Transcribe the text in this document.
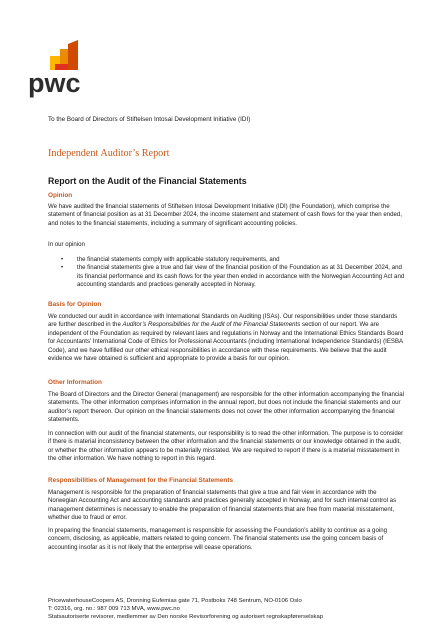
pwc
To the Board of Directors of Stiftelsen Intosai Development Initiative (IDI)
Independent Auditor’s Report
Report on the Audit of the Financial Statements
Opinion

We have audited the financial statements of Stiftelsen Intosai Development Initiative (IDI) (the Foundation), which comprise the statement of financial position as at 31 December 2024, the income statement and statement of cash flows for the year then ended, and notes to the financial statements, including a summary of significant accounting policies.

In our opinion

• the financial statements comply with applicable statutory requirements, and
• the financial statements give a true and fair view of the financial position of the Foundation as at 31 December 2024, and its financial performance and its cash flows for the year then ended in accordance with the Norwegian Accounting Act and accounting standards and practices generally accepted in Norway.
Basis for Opinion

We conducted our audit in accordance with International Standards on Auditing (ISAs). Our responsibilities under those standards are further described in the Auditor’s Responsibilities for the Audit of the Financial Statements section of our report. We are independent of the Foundation as required by relevant laws and regulations in Norway and the International Ethics Standards Board for Accountants’ International Code of Ethics for Professional Accountants (including International Independence Standards) (IESBA Code), and we have fulfilled our other ethical responsibilities in accordance with these requirements. We believe that the audit evidence we have obtained is sufficient and appropriate to provide a basis for our opinion.

Other Information

The Board of Directors and the Director General (management) are responsible for the other information accompanying the financial statements. The other information comprises information in the annual report, but does not include the financial statements and our auditor’s report thereon. Our opinion on the financial statements does not cover the other information accompanying the financial statements.

In connection with our audit of the financial statements, our responsibility is to read the other information. The purpose is to consider if there is material inconsistency between the other information and the financial statements or our knowledge obtained in the audit, or whether the other information appears to be materially misstated. We are required to report if there is a material misstatement in the other information. We have nothing to report in this regard.

Responsibilities of Management for the Financial Statements

Management is responsible for the preparation of financial statements that give a true and fair view in accordance with the Norwegian Accounting Act and accounting standards and practices generally accepted in Norway, and for such internal control as management determines is necessary to enable the preparation of financial statements that are free from material misstatement, whether due to fraud or error.

In preparing the financial statements, management is responsible for assessing the Foundation’s ability to continue as a going concern, disclosing, as applicable, matters related to going concern. The financial statements use the going concern basis of accounting insofar as it is not likely that the enterprise will cease operations.

PricewaterhouseCoopers AS, Dronning Eufemias gate 71, Postboks 748 Sentrum, NO-0106 Oslo
T: 02316, org. no.: 987 009 713 MVA, www.pwc.no
Statsautoriserte revisorer, medlemmer av Den norske Revisorforening og autorisert regnskapførerselskap
